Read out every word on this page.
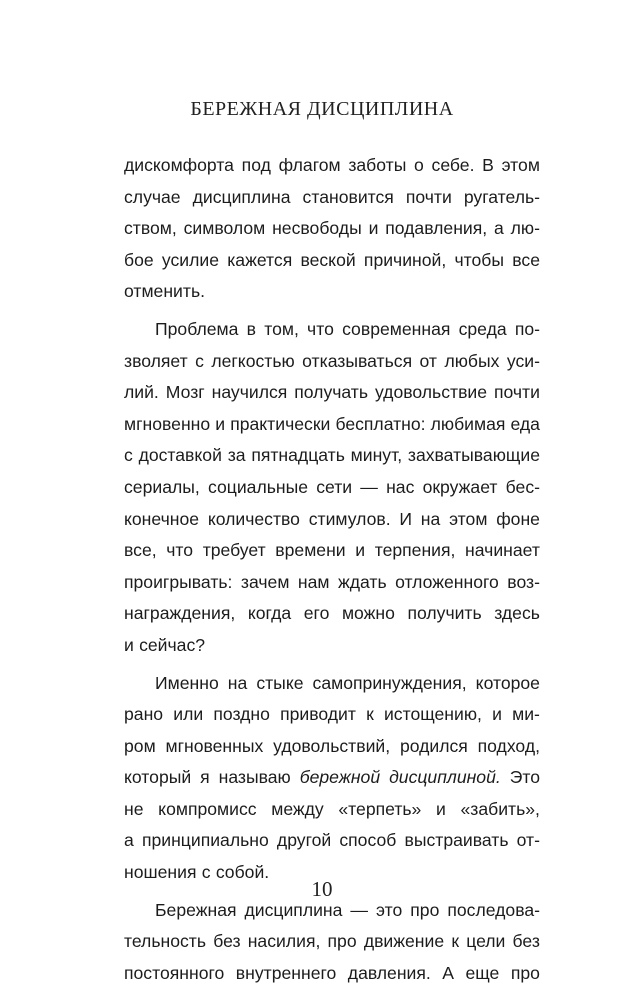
БЕРЕЖНАЯ ДИСЦИПЛИНА
дискомфорта под флагом заботы о себе. В этом
случае дисциплина становится почти ругатель-
ством, символом несвободы и подавления, а лю-
бое усилие кажется веской причиной, чтобы все
отменить.
Проблема в том, что современная среда по-
зволяет с легкостью отказываться от любых уси-
лий. Мозг научился получать удовольствие почти
мгновенно и практически бесплатно: любимая еда
с доставкой за пятнадцать минут, захватывающие
сериалы, социальные сети — нас окружает бес-
конечное количество стимулов. И на этом фоне
все, что требует времени и терпения, начинает
проигрывать: зачем нам ждать отложенного воз-
награждения, когда его можно получить здесь
и сейчас?
Именно на стыке самопринуждения, которое
рано или поздно приводит к истощению, и ми-
ром мгновенных удовольствий, родился подход,
который я называю бережной дисциплиной. Это
не компромисс между «терпеть» и «забить»,
а принципиально другой способ выстраивать от-
ношения с собой.
Бережная дисциплина — это про последова-
тельность без насилия, про движение к цели без
постоянного внутреннего давления. А еще про
10
